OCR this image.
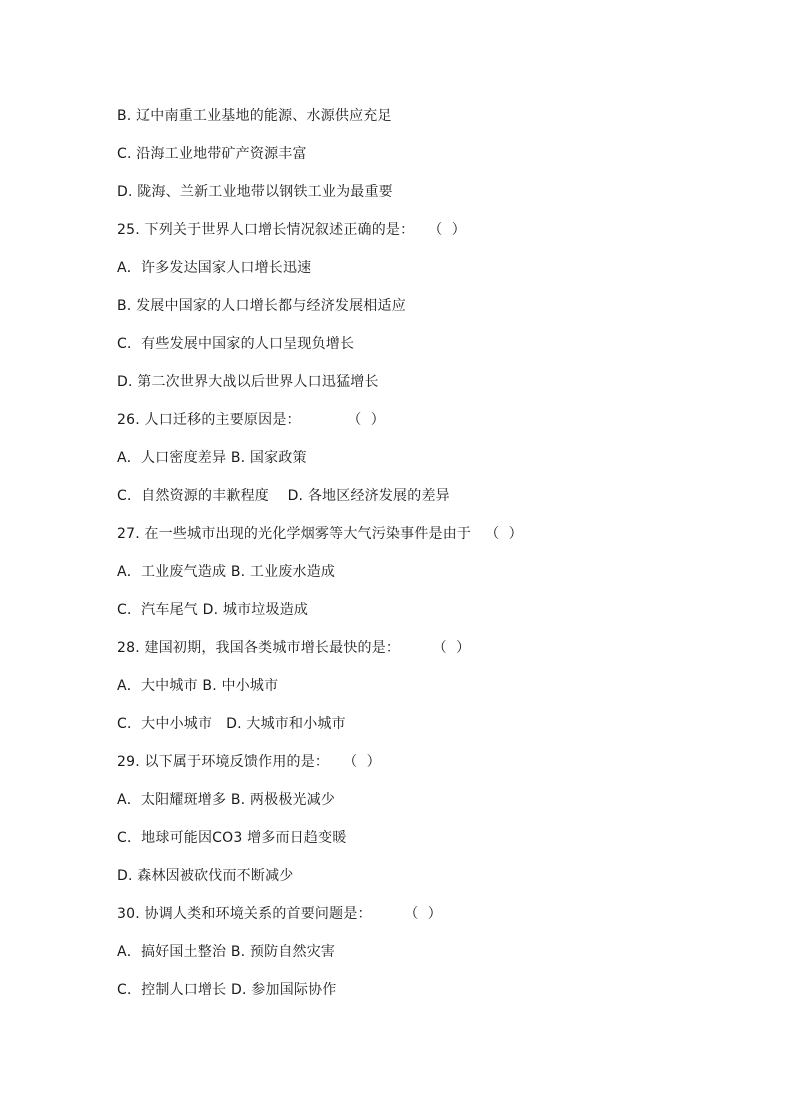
B. 辽中南重工业基地的能源、水源供应充足
C. 沿海工业地带矿产资源丰富
D. 陇海、兰新工业地带以钢铁工业为最重要
25. 下列关于世界人口增长情况叙述正确的是：   （  ）
A．许多发达国家人口增长迅速
B. 发展中国家的人口增长都与经济发展相适应
C．有些发展中国家的人口呈现负增长
D. 第二次世界大战以后世界人口迅猛增长
26. 人口迁移的主要原因是：          （  ）
A．人口密度差异 B. 国家政策
C．自然资源的丰歉程度    D. 各地区经济发展的差异
27. 在一些城市出现的光化学烟雾等大气污染事件是由于   （  ）
A．工业废气造成 B. 工业废水造成
C．汽车尾气 D. 城市垃圾造成
28. 建国初期，我国各类城市增长最快的是：       （  ）
A．大中城市 B. 中小城市
C．大中小城市   D. 大城市和小城市
29. 以下属于环境反馈作用的是：   （  ）
A．太阳耀斑增多 B. 两极极光减少
C．地球可能因CO3 增多而日趋变暖
D. 森林因被砍伐而不断减少
30. 协调人类和环境关系的首要问题是：       （  ）
A．搞好国土整治 B. 预防自然灾害
C．控制人口增长 D. 参加国际协作
